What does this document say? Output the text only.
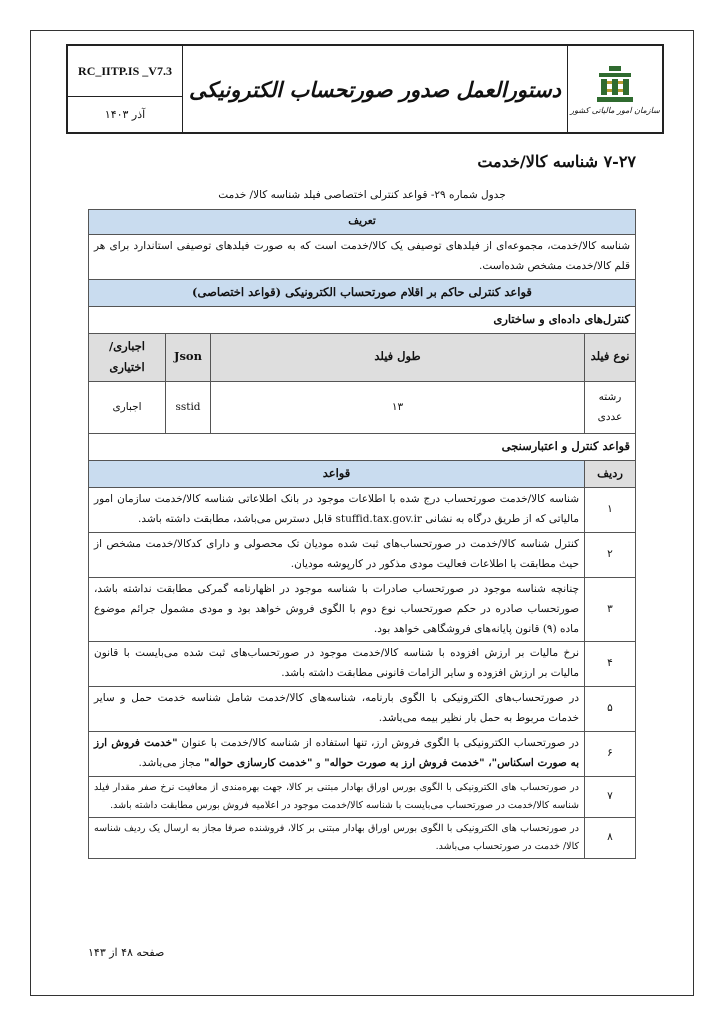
RC_IITP.IS _V7.3
آذر ۱۴۰۳
دستورالعمل صدور صورتحساب الکترونیکی
سازمان امور مالیاتی کشور
۷-۲۷ شناسه کالا/خدمت
جدول شماره ۲۹- قواعد کنترلی اختصاصی فیلد شناسه کالا/ خدمت
تعریف			
شناسه کالا/خدمت، مجموعه‌ای از فیلدهای توصیفی یک کالا/خدمت است که به صورت فیلدهای توصیفی استاندارد برای هر قلم کالا/خدمت مشخص شده‌است.			
قواعد کنترلی حاکم بر اقلام صورتحساب الکترونیکی (قواعد اختصاصی)			
کنترل‌های داده‌ای و ساختاری			
نوع فیلد	طول فیلد	Json	اجباری/ اختیاری
رشته عددی	۱۳	sstid	اجباری
قواعد کنترل و اعتبارسنجی			
ردیف	قواعد		
۱	شناسه کالا/خدمت صورتحساب درج شده با اطلاعات موجود در بانک اطلاعاتی شناسه کالا/خدمت سازمان امور مالیاتی که از طریق درگاه به نشانی stuffid.tax.gov.ir قابل دسترس می‌باشد، مطابقت داشته باشد.		
۲	کنترل شناسه کالا/خدمت در صورتحساب‌های ثبت شده مودیان تک محصولی و دارای کدکالا/خدمت مشخص از حیث مطابقت با اطلاعات فعالیت مودی مذکور در کارپوشه مودیان.		
۳	چنانچه شناسه موجود در صورتحساب صادرات با شناسه موجود در اظهارنامه گمرکی مطابقت نداشته باشد، صورتحساب صادره در حکم صورتحساب نوع دوم با الگوی فروش خواهد بود و مودی مشمول جرائم موضوع ماده (۹) قانون پایانه‌های فروشگاهی خواهد بود.		
۴	نرخ مالیات بر ارزش افزوده با شناسه کالا/خدمت موجود در صورتحساب‌های ثبت شده می‌بایست با قانون مالیات بر ارزش افزوده و سایر الزامات قانونی مطابقت داشته باشد.		
۵	در صورتحساب‌های الکترونیکی با الگوی بارنامه، شناسه‌های کالا/خدمت شامل شناسه خدمت حمل و سایر خدمات مربوط به حمل بار نظیر بیمه می‌باشد.		
۶	در صورتحساب الکترونیکی با الگوی فروش ارز، تنها استفاده از شناسه کالا/خدمت با عنوان "خدمت فروش ارز به صورت اسکناس"، "خدمت فروش ارز به صورت حواله" و "خدمت کارسازی حواله" مجاز می‌باشد.		
۷	در صورتحساب های الکترونیکی با الگوی بورس اوراق بهادار مبتنی بر کالا، جهت بهره‌مندی از معافیت نرخ صفر مقدار فیلد شناسه کالا/خدمت در صورتحساب می‌بایست با شناسه کالا/خدمت موجود در اعلامیه فروش بورس مطابقت داشته باشد.		
۸	در صورتحساب های الکترونیکی با الگوی بورس اوراق بهادار مبتنی بر کالا، فروشنده صرفا مجاز به ارسال یک ردیف شناسه کالا/ خدمت در صورتحساب می‌باشد.		
صفحه ۴۸ از ۱۴۳
